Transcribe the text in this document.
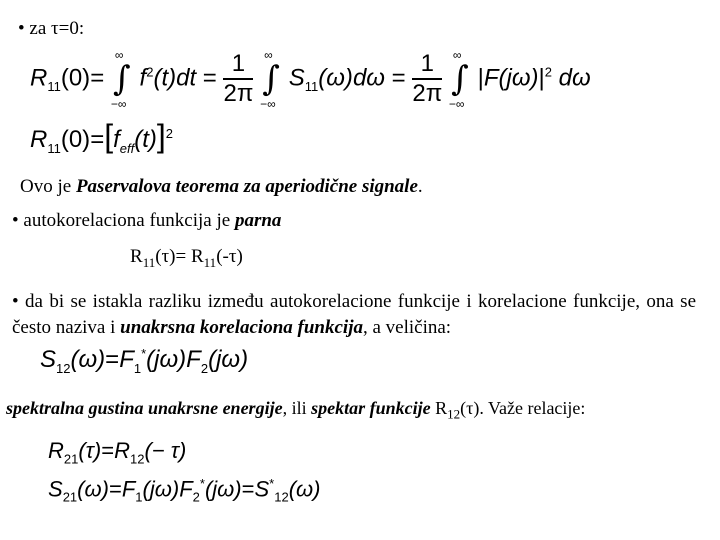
• za τ=0:
$R_{11}(0)=$
∞
∫
−∞
$f^2(t)dt = \frac{1}{2\pi}$
∞
∫
−∞
$S_{11}(\omega)d\omega = \frac{1}{2\pi}$
∞
∫
−∞
$|F(j\omega)|^2$ dω
$R_{11}(0)=[f_{eff}(t)]^2$
Ovo je Paservalova teorema za aperiodične signale.
• autokorelaciona funkcija je parna
$R_{11}(\tau)= R_{11}(-\tau)$
• da bi se istakla razliku između autokorelacione funkcije i korelacione funkcije, ona se često naziva i unakrsna korelaciona funkcija, a veličina:
$S_{12}(\omega)=F_1^*(j\omega)F_2(j\omega)$
spektralna gustina unakrsne energije, ili spektar funkcije $R_{12}(\tau)$. Važe relacije:
$R_{21}(\tau)=R_{12}(- \tau)$
$S_{21}(\omega)=F_1(j\omega)F_2^*(j\omega)=S^*_{12}(\omega)$
